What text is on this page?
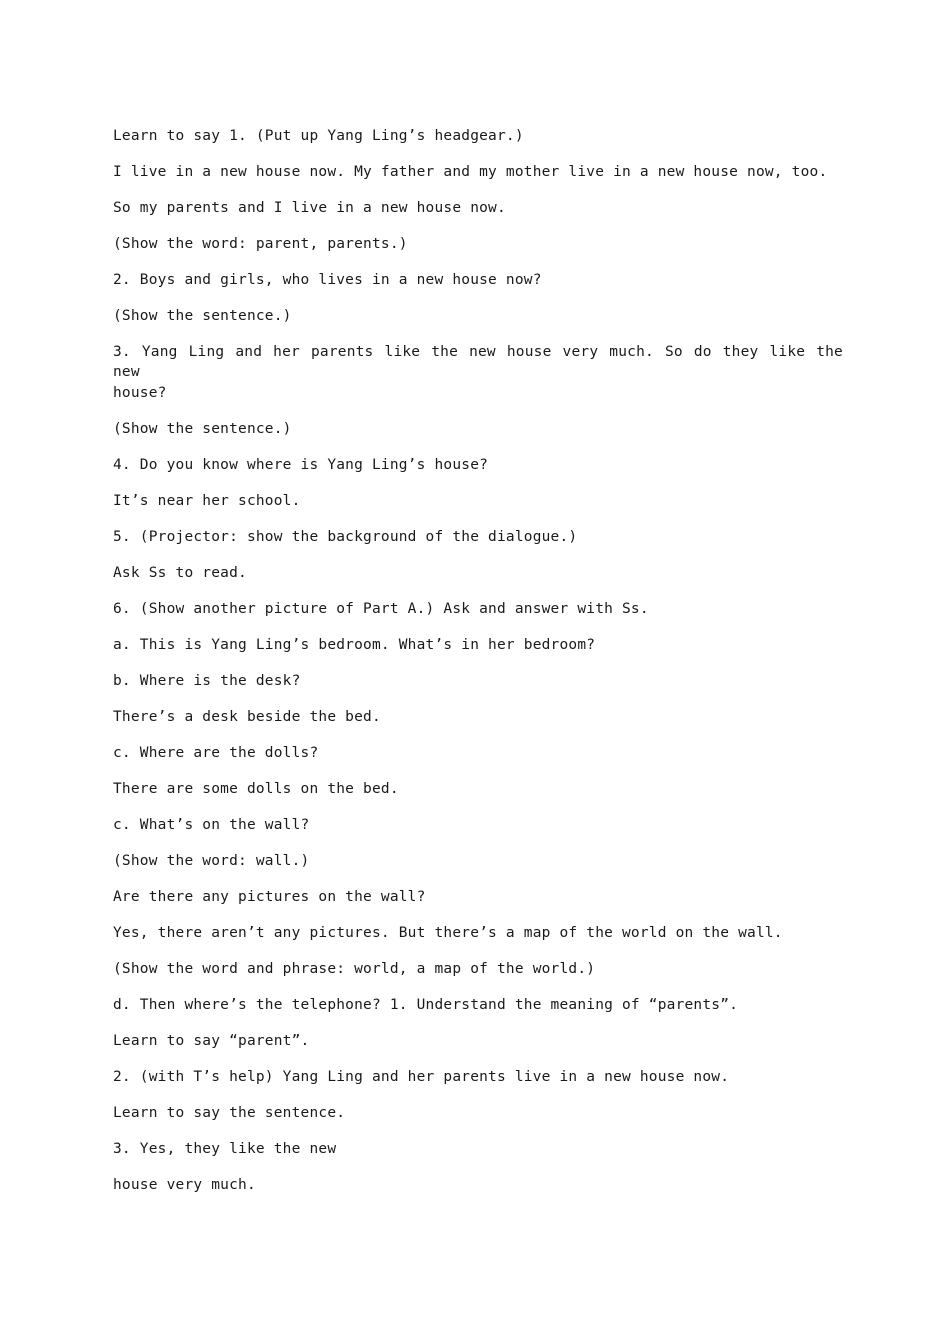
Learn to say 1. (Put up Yang Ling’s headgear.)
I live in a new house now. My father and my mother live in a new house now, too.
So my parents and I live in a new house now.
(Show the word: parent, parents.)
2. Boys and girls, who lives in a new house now?
(Show the sentence.)
3. Yang Ling and her parents like the new house very much. So do they like the new
house?
(Show the sentence.)
4. Do you know where is Yang Ling’s house?
It’s near her school.
5. (Projector: show the background of the dialogue.)
Ask Ss to read.
6. (Show another picture of Part A.) Ask and answer with Ss.
a. This is Yang Ling’s bedroom. What’s in her bedroom?
b. Where is the desk?
There’s a desk beside the bed.
c. Where are the dolls?
There are some dolls on the bed.
c. What’s on the wall?
(Show the word: wall.)
Are there any pictures on the wall?
Yes, there aren’t any pictures. But there’s a map of the world on the wall.
(Show the word and phrase: world, a map of the world.)
d. Then where’s the telephone? 1. Understand the meaning of “parents”.
Learn to say “parent”.
2. (with T’s help) Yang Ling and her parents live in a new house now.
Learn to say the sentence.
3. Yes, they like the new
house very much.
